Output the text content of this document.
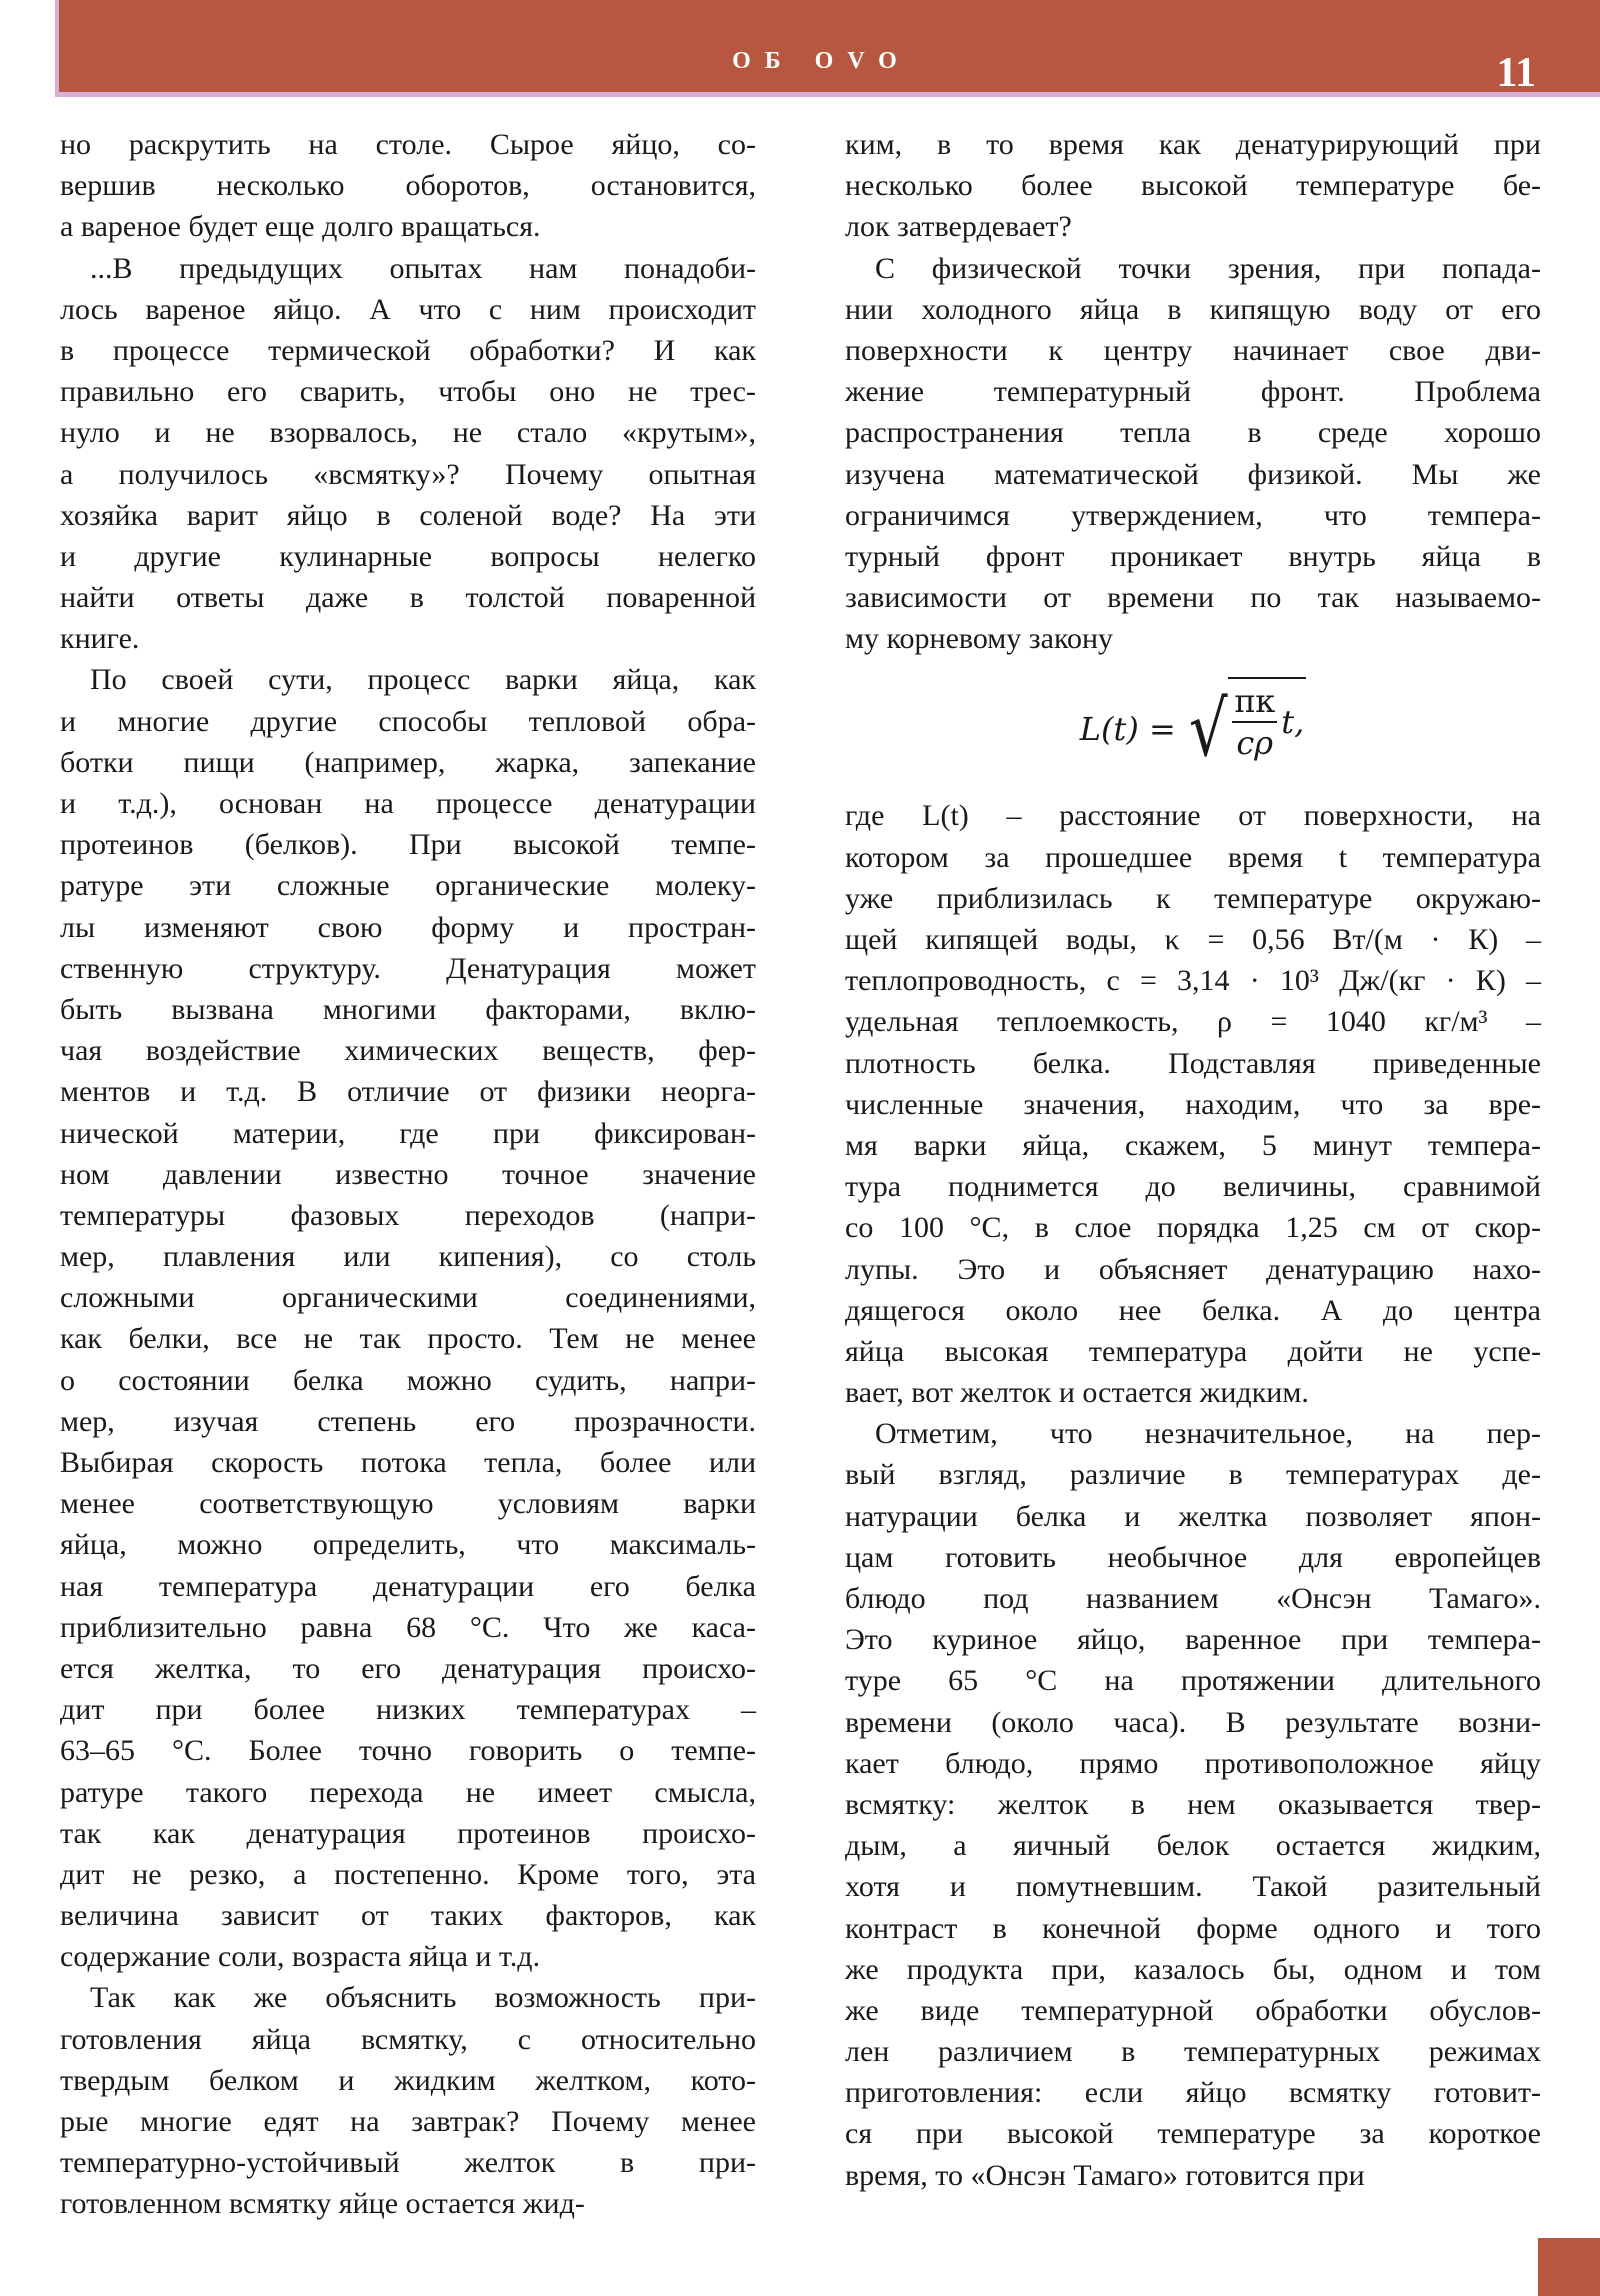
ОБ OVO	11
но раскрутить на столе. Сырое яйцо, со-
вершив несколько оборотов, остановится,
а вареное будет еще долго вращаться.
...В предыдущих опытах нам понадоби-
лось вареное яйцо. А что с ним происходит
в процессе термической обработки? И как
правильно его сварить, чтобы оно не трес-
нуло и не взорвалось, не стало «крутым»,
а получилось «всмятку»? Почему опытная
хозяйка варит яйцо в соленой воде? На эти
и другие кулинарные вопросы нелегко
найти ответы даже в толстой поваренной
книге.
По своей сути, процесс варки яйца, как
и многие другие способы тепловой обра-
ботки пищи (например, жарка, запекание
и т.д.), основан на процессе денатурации
протеинов (белков). При высокой темпе-
ратуре эти сложные органические молеку-
лы изменяют свою форму и простран-
ственную структуру. Денатурация может
быть вызвана многими факторами, вклю-
чая воздействие химических веществ, фер-
ментов и т.д. В отличие от физики неорга-
нической материи, где при фиксирован-
ном давлении известно точное значение
температуры фазовых переходов (напри-
мер, плавления или кипения), со столь
сложными органическими соединениями,
как белки, все не так просто. Тем не менее
о состоянии белка можно судить, напри-
мер, изучая степень его прозрачности.
Выбирая скорость потока тепла, более или
менее соответствующую условиям варки
яйца, можно определить, что максималь-
ная температура денатурации его белка
приблизительно равна 68 °С. Что же каса-
ется желтка, то его денатурация происхо-
дит при более низких температурах –
63–65 °С. Более точно говорить о темпе-
ратуре такого перехода не имеет смысла,
так как денатурация протеинов происхо-
дит не резко, а постепенно. Кроме того, эта
величина зависит от таких факторов, как
содержание соли, возраста яйца и т.д.
Так как же объяснить возможность при-
готовления яйца всмятку, с относительно
твердым белком и жидким желтком, кото-
рые многие едят на завтрак? Почему менее
температурно-устойчивый желток в при-
готовленном всмятку яйце остается жид-
ким, в то время как денатурирующий при
несколько более высокой температуре бе-
лок затвердевает?
С физической точки зрения, при попада-
нии холодного яйца в кипящую воду от его
поверхности к центру начинает свое дви-
жение температурный фронт. Проблема
распространения тепла в среде хорошо
изучена математической физикой. Мы же
ограничимся утверждением, что темпера-
турный фронт проникает внутрь яйца в
зависимости от времени по так называемо-
му корневому закону
L(t) = √ $\frac{\pi\kappa}{c\rho} t$,
где L(t) – расстояние от поверхности, на
котором за прошедшее время t температура
уже приблизилась к температуре окружаю-
щей кипящей воды, κ = 0,56 Вт/(м · К) –
теплопроводность, c = 3,14 · 10³ Дж/(кг · К) –
удельная теплоемкость, ρ = 1040 кг/м³ –
плотность белка. Подставляя приведенные
численные значения, находим, что за вре-
мя варки яйца, скажем, 5 минут темпера-
тура поднимется до величины, сравнимой
со 100 °С, в слое порядка 1,25 см от скор-
лупы. Это и объясняет денатурацию нахо-
дящегося около нее белка. А до центра
яйца высокая температура дойти не успе-
вает, вот желток и остается жидким.
Отметим, что незначительное, на пер-
вый взгляд, различие в температурах де-
натурации белка и желтка позволяет япон-
цам готовить необычное для европейцев
блюдо под названием «Онсэн Тамаго».
Это куриное яйцо, варенное при темпера-
туре 65 °С на протяжении длительного
времени (около часа). В результате возни-
кает блюдо, прямо противоположное яйцу
всмятку: желток в нем оказывается твер-
дым, а яичный белок остается жидким,
хотя и помутневшим. Такой разительный
контраст в конечной форме одного и того
же продукта при, казалось бы, одном и том
же виде температурной обработки обуслов-
лен различием в температурных режимах
приготовления: если яйцо всмятку готовит-
ся при высокой температуре за короткое
время, то «Онсэн Тамаго» готовится при
